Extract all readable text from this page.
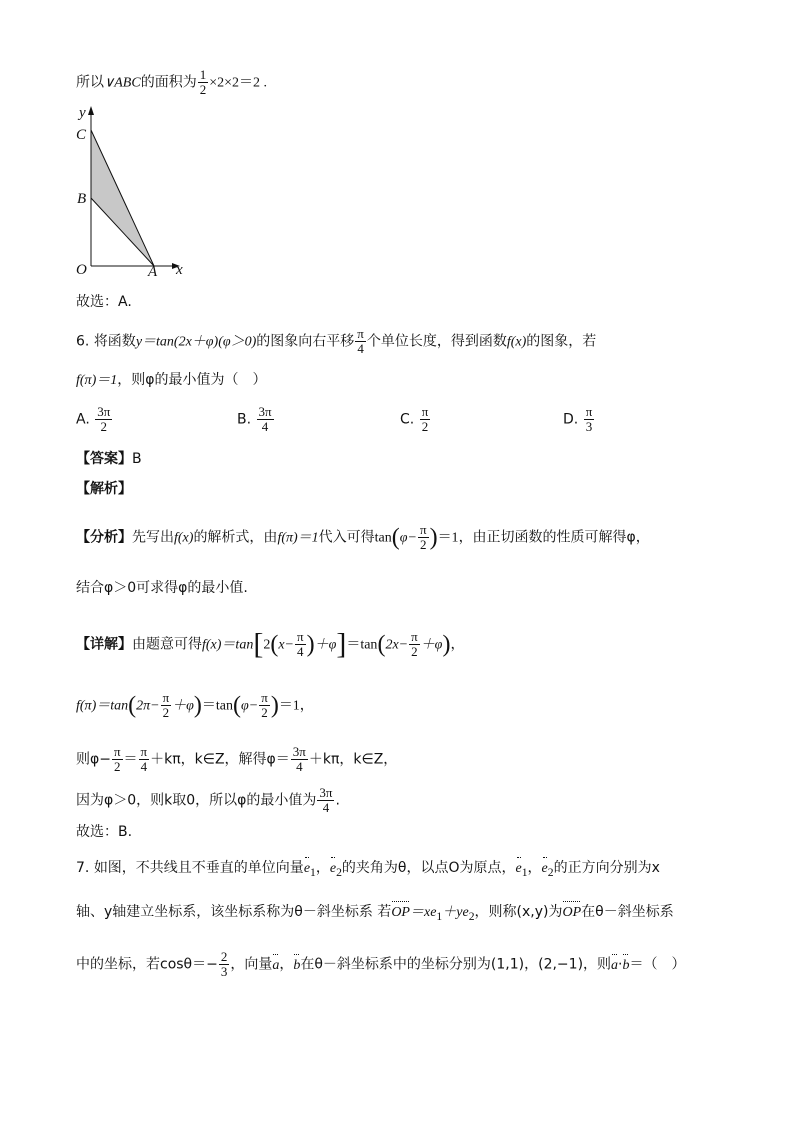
所以∨ABC的面积为 $\frac{1}{2} \times 2\times 2=2$ .
y
C
B
O	A x
故选：A.
6. 将函数y＝tan(2x＋φ)(φ＞0)的图象向右平移 $\frac{\pi}{4}$ 个单位长度，得到函数f(x)的图象，若
f(π)＝1，则φ的最小值为（　）
A. $\frac{3\pi}{2}$	B. $\frac{3\pi}{4}$	C. $\frac{\pi}{2}$	D. $\frac{\pi}{3}$
【答案】B
【解析】
【分析】先写出f(x)的解析式，由f(π)＝1代入可得$\tan(\varphi- \frac{\pi}{2} )=1$，由正切函数的性质可解得φ，
结合φ＞0可求得φ的最小值.
【详解】由题意可得$f(x)=\tan[2(x- \frac{\pi}{4} )+\varphi]=\tan(2x- \frac{\pi}{2} +\varphi)$，
$f(\pi)=\tan(2\pi- \frac{\pi}{2} +\varphi)=\tan(\varphi- \frac{\pi}{2} )=1$，
则$\varphi- \frac{\pi}{2} = \frac{\pi}{4} +k\pi$，k∈Z，解得$\varphi= \frac{3\pi}{4} +k\pi$，k∈Z，
因为φ＞0，则k取0，所以φ的最小值为 $\frac{3\pi}{4}$ .
故选：B.
7. 如图，不共线且不垂直的单位向量$e_1$，$e_2$的夹角为θ，以点O为原点，$e_1$，$e_2$的正方向分别为x
轴、y轴建立坐标系，该坐标系称为θ－斜坐标系 若$OP=xe_1+ye_2$，则称(x,y)为OP在θ－斜坐标系
中的坐标，若$\cos\theta=- \frac{2}{3}$ ，向量a，b在θ－斜坐标系中的坐标分别为(1,1)，(2,−1)，则a·b＝（　）
